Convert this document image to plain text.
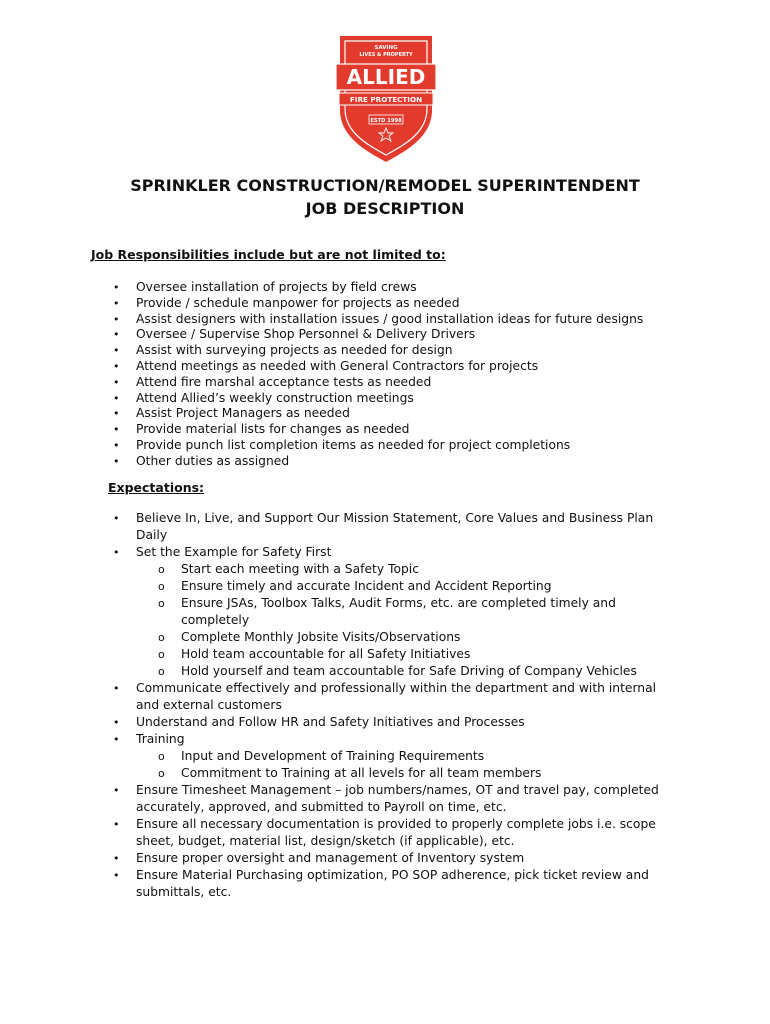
SAVING
LIVES & PROPERTY
ALLIED
FIRE PROTECTION
ESTD 1998
SPRINKLER CONSTRUCTION/REMODEL SUPERINTENDENT
JOB DESCRIPTION
Job Responsibilities include but are not limited to:
• Oversee installation of projects by field crews
• Provide / schedule manpower for projects as needed
• Assist designers with installation issues / good installation ideas for future designs
• Oversee / Supervise Shop Personnel & Delivery Drivers
• Assist with surveying projects as needed for design
• Attend meetings as needed with General Contractors for projects
• Attend fire marshal acceptance tests as needed
• Attend Allied’s weekly construction meetings
• Assist Project Managers as needed
• Provide material lists for changes as needed
• Provide punch list completion items as needed for project completions
• Other duties as assigned
Expectations:
• Believe In, Live, and Support Our Mission Statement, Core Values and Business Plan
Daily
• Set the Example for Safety First
o Start each meeting with a Safety Topic
o Ensure timely and accurate Incident and Accident Reporting
o Ensure JSAs, Toolbox Talks, Audit Forms, etc. are completed timely and
completely
o Complete Monthly Jobsite Visits/Observations
o Hold team accountable for all Safety Initiatives
o Hold yourself and team accountable for Safe Driving of Company Vehicles
• Communicate effectively and professionally within the department and with internal
and external customers
• Understand and Follow HR and Safety Initiatives and Processes
• Training
o Input and Development of Training Requirements
o Commitment to Training at all levels for all team members
• Ensure Timesheet Management – job numbers/names, OT and travel pay, completed
accurately, approved, and submitted to Payroll on time, etc.
• Ensure all necessary documentation is provided to properly complete jobs i.e. scope
sheet, budget, material list, design/sketch (if applicable), etc.
• Ensure proper oversight and management of Inventory system
• Ensure Material Purchasing optimization, PO SOP adherence, pick ticket review and
submittals, etc.
